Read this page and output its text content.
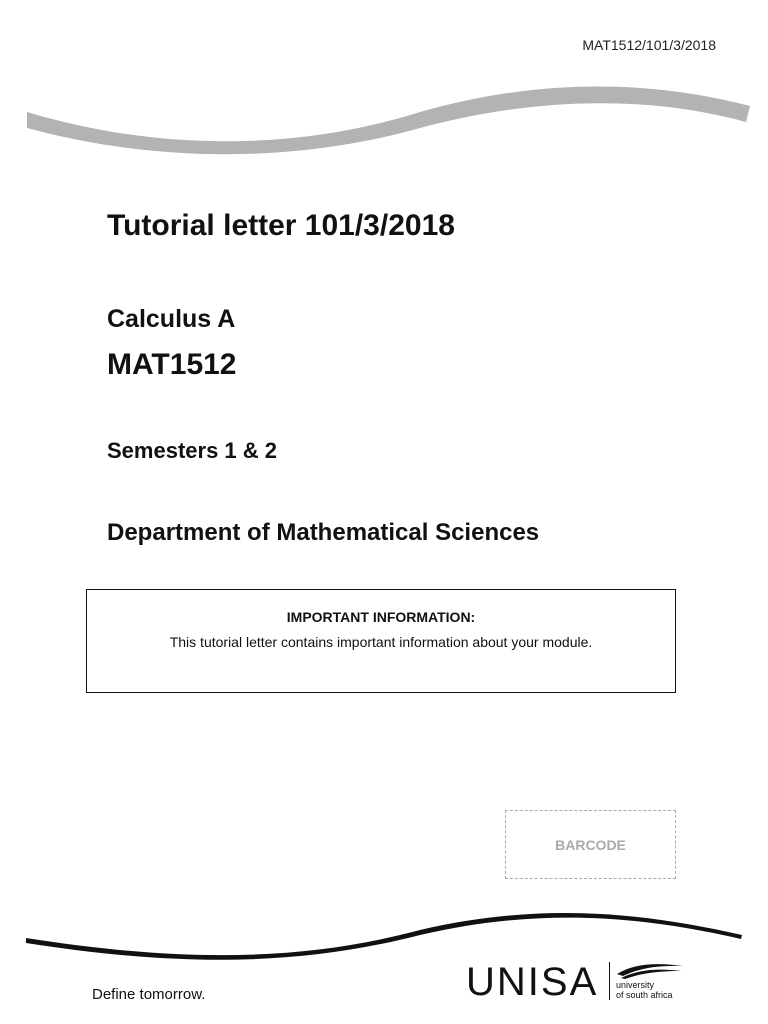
MAT1512/101/3/2018
Tutorial letter 101/3/2018
Calculus A
MAT1512
Semesters 1 & 2
Department of Mathematical Sciences
IMPORTANT INFORMATION:
This tutorial letter contains important information about your module.
BARCODE
Define tomorrow.	UNISA university
of south africa
